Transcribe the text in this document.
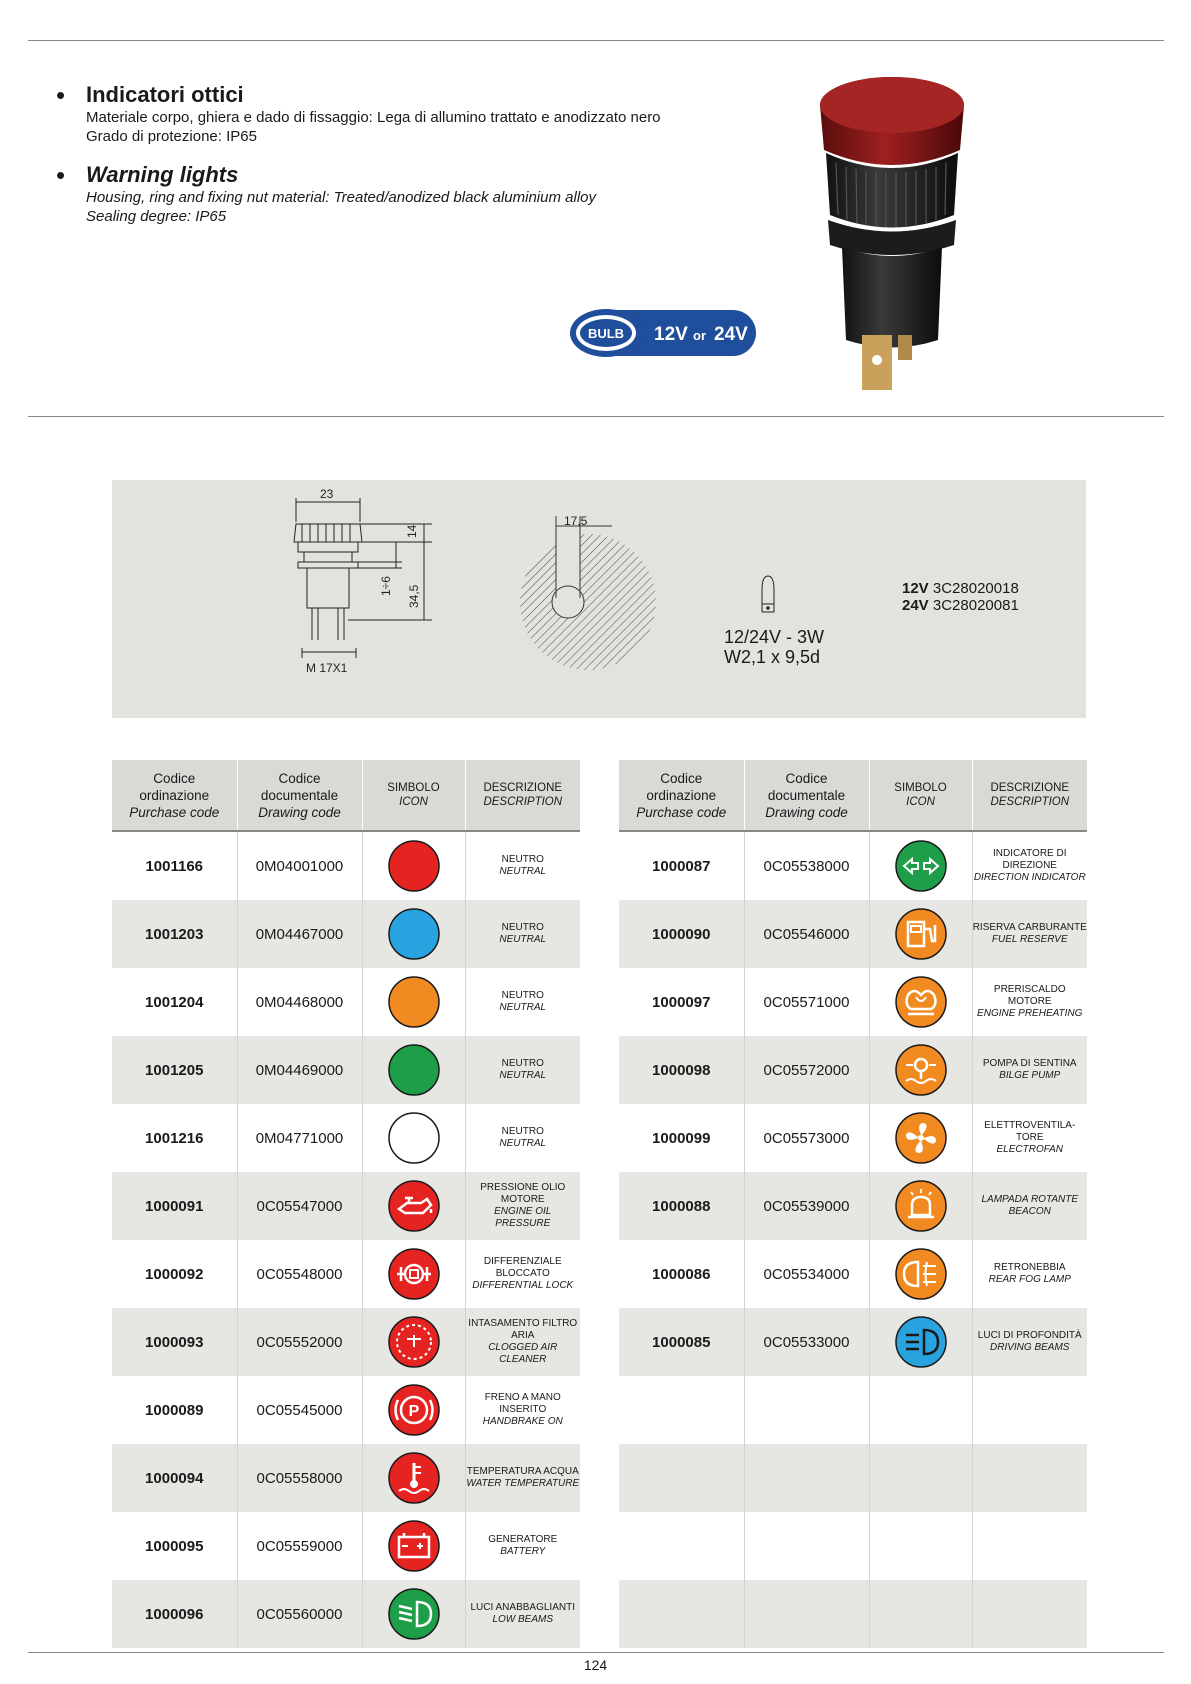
• Indicatori ottici
Materiale corpo, ghiera e dado di fissaggio: Lega di allumino trattato e anodizzato nero
Grado di protezione: IP65
• Warning lights
Housing, ring and fixing nut material: Treated/anodized black aluminium alloy
Sealing degree: IP65
BULB 12V or 24V
23
14
1÷6 34,5
M 17X1
17,5
12V 3C28020018
24V 3C28020081
12/24V - 3W
W2,1 x 9,5d
Codice
ordinazione
Purchase code	Codice
documentale
Drawing code	SIMBOLO
ICON	DESCRIZIONE
DESCRIPTION
1001166	0M04001000		NEUTRO
NEUTRAL

1001203	0M04467000		NEUTRO
NEUTRAL

1001204	0M04468000		NEUTRO
NEUTRAL

1001205	0M04469000		NEUTRO
NEUTRAL

1001216	0M04771000		NEUTRO
NEUTRAL

1000091	0C05547000		PRESSIONE OLIO MOTORE
ENGINE OIL PRESSURE

1000092	0C05548000		DIFFERENZIALE BLOCCATO
DIFFERENTIAL LOCK

1000093	0C05552000		INTASAMENTO FILTRO ARIA
CLOGGED AIR CLEANER

1000089	0C05545000	P	FRENO A MANO INSERITO
HANDBRAKE ON

1000094	0C05558000		TEMPERATURA ACQUA
WATER TEMPERATURE

1000095	0C05559000		GENERATORE
BATTERY

1000096	0C05560000		LUCI ANABBAGLIANTI
LOW BEAMS
Codice
ordinazione
Purchase code	Codice
documentale
Drawing code	SIMBOLO
ICON	DESCRIZIONE
DESCRIPTION
1000087	0C05538000		INDICATORE DI DIREZIONE
DIRECTION INDICATOR

1000090	0C05546000		RISERVA CARBURANTE
FUEL RESERVE

1000097	0C05571000		PRERISCALDO MOTORE
ENGINE PREHEATING

1000098	0C05572000		POMPA DI SENTINA
BILGE PUMP

1000099	0C05573000		ELETTROVENTILA- TORE
ELECTROFAN

1000088	0C05539000		LAMPADA ROTANTE BEACON

1000086	0C05534000		RETRONEBBIA
REAR FOG LAMP

1000085	0C05533000		LUCI DI PROFONDITÀ
DRIVING BEAMS

124
